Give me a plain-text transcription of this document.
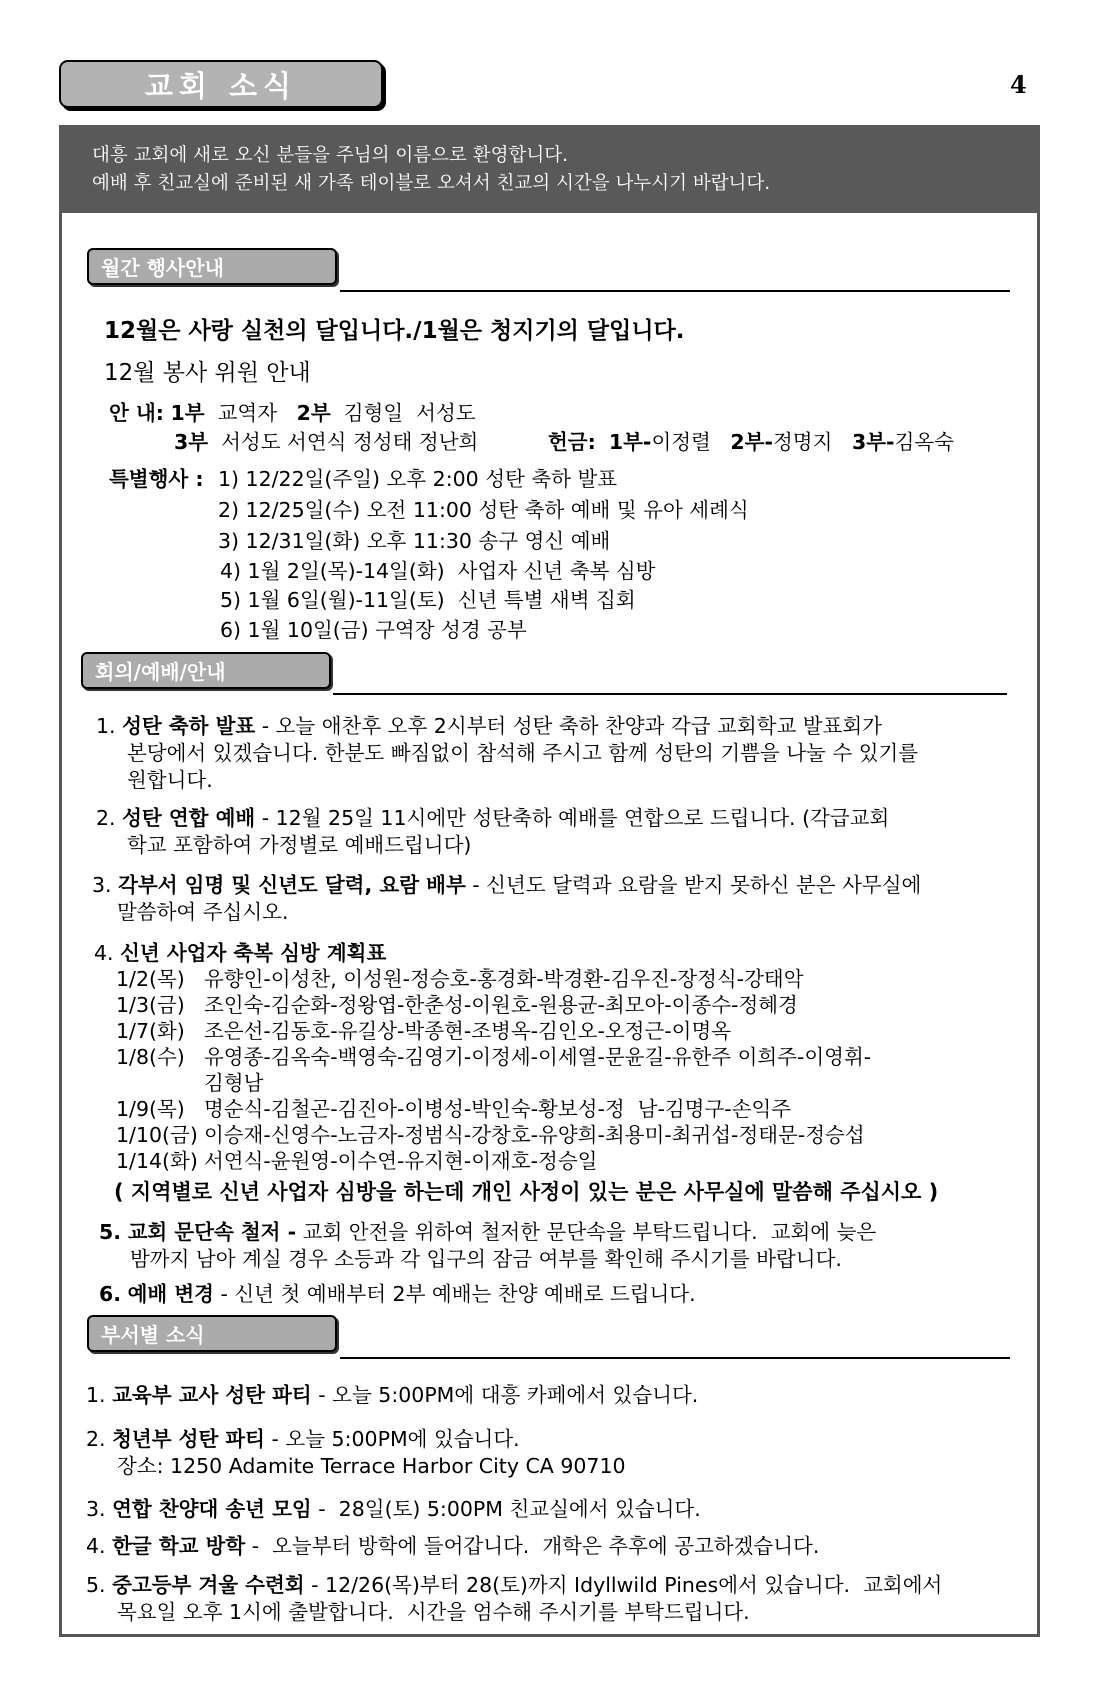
교회 소식	4
대흥 교회에 새로 오신 분들을 주님의 이름으로 환영합니다.
예배 후 친교실에 준비된 새 가족 테이블로 오셔서 친교의 시간을 나누시기 바랍니다.
월간 행사안내
12월은 사랑 실천의 달입니다./1월은 청지기의 달입니다.
12월 봉사 위원 안내
안 내: 1부 교역자 2부 김형일  서성도
3부 서성도 서연식 정성태 정난희	헌금: 1부-이정렬 2부-정명지 3부-김옥숙
특별행사 : 1) 12/22일(주일) 오후 2:00 성탄 축하 발표
2) 12/25일(수) 오전 11:00 성탄 축하 예배 및 유아 세례식
3) 12/31일(화) 오후 11:30 송구 영신 예배
4) 1월 2일(목)-14일(화)  사업자 신년 축복 심방
5) 1월 6일(월)-11일(토)  신년 특별 새벽 집회
6) 1월 10일(금) 구역장 성경 공부
회의/예배/안내
1. 성탄 축하 발표 - 오늘 애찬후 오후 2시부터 성탄 축하 찬양과 각급 교회학교 발표회가
본당에서 있겠습니다. 한분도 빠짐없이 참석해 주시고 함께 성탄의 기쁨을 나눌 수 있기를
원합니다.
2. 성탄 연합 예배 - 12월 25일 11시에만 성탄축하 예배를 연합으로 드립니다. (각급교회
학교 포함하여 가정별로 예배드립니다)
3. 각부서 임명 및 신년도 달력, 요람 배부 - 신년도 달력과 요람을 받지 못하신 분은 사무실에
말씀하여 주십시오.
4. 신년 사업자 축복 심방 계획표
1/2(목) 유향인-이성찬, 이성원-정승호-홍경화-박경환-김우진-장정식-강태악
1/3(금) 조인숙-김순화-정왕엽-한춘성-이원호-원용균-최모아-이종수-정혜경
1/7(화) 조은선-김동호-유길상-박종현-조병옥-김인오-오정근-이명옥
1/8(수) 유영종-김옥숙-백영숙-김영기-이정세-이세열-문윤길-유한주 이희주-이영휘-
김형남
1/9(목) 명순식-김철곤-김진아-이병성-박인숙-황보성-정  남-김명구-손익주
1/10(금) 이승재-신영수-노금자-정범식-강창호-유양희-최용미-최귀섭-정태문-정승섭
1/14(화) 서연식-윤원영-이수연-유지현-이재호-정승일
( 지역별로 신년 사업자 심방을 하는데 개인 사정이 있는 분은 사무실에 말씀해 주십시오 )
5. 교회 문단속 철저 - 교회 안전을 위하여 철저한 문단속을 부탁드립니다.  교회에 늦은
밤까지 남아 계실 경우 소등과 각 입구의 잠금 여부를 확인해 주시기를 바랍니다.
6. 예배 변경 - 신년 첫 예배부터 2부 예배는 찬양 예배로 드립니다.
부서별 소식
1. 교육부 교사 성탄 파티 - 오늘 5:00PM에 대흥 카페에서 있습니다.
2. 청년부 성탄 파티 - 오늘 5:00PM에 있습니다.
장소: 1250 Adamite Terrace Harbor City CA 90710
3. 연합 찬양대 송년 모임 -  28일(토) 5:00PM 친교실에서 있습니다.
4. 한글 학교 방학 -  오늘부터 방학에 들어갑니다.  개학은 추후에 공고하겠습니다.
5. 중고등부 겨울 수련회 - 12/26(목)부터 28(토)까지 Idyllwild Pines에서 있습니다.  교회에서
목요일 오후 1시에 출발합니다.  시간을 엄수해 주시기를 부탁드립니다.
